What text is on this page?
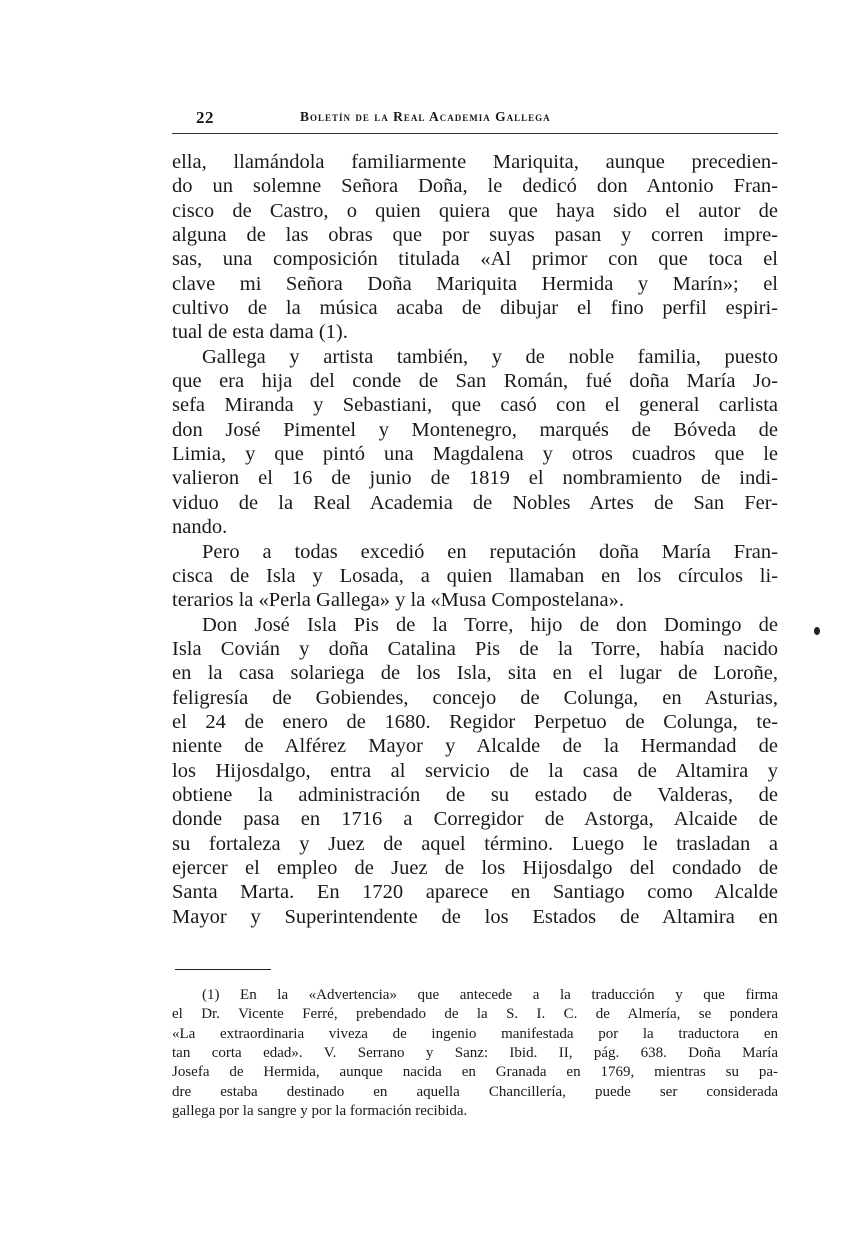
22	Boletín de la Real Academia Gallega
ella, llamándola familiarmente Mariquita, aunque precedien-
do un solemne Señora Doña, le dedicó don Antonio Fran-
cisco de Castro, o quien quiera que haya sido el autor de
alguna de las obras que por suyas pasan y corren impre-
sas, una composición titulada «Al primor con que toca el
clave mi Señora Doña Mariquita Hermida y Marín»; el
cultivo de la música acaba de dibujar el fino perfil espiri-
tual de esta dama (1).
Gallega y artista también, y de noble familia, puesto
que era hija del conde de San Román, fué doña María Jo-
sefa Miranda y Sebastiani, que casó con el general carlista
don José Pimentel y Montenegro, marqués de Bóveda de
Limia, y que pintó una Magdalena y otros cuadros que le
valieron el 16 de junio de 1819 el nombramiento de indi-
viduo de la Real Academia de Nobles Artes de San Fer-
nando.
Pero a todas excedió en reputación doña María Fran-
cisca de Isla y Losada, a quien llamaban en los círculos li-
terarios la «Perla Gallega» y la «Musa Compostelana».
Don José Isla Pis de la Torre, hijo de don Domingo de
Isla Covián y doña Catalina Pis de la Torre, había nacido
en la casa solariega de los Isla, sita en el lugar de Loroñe,
feligresía de Gobiendes, concejo de Colunga, en Asturias,
el 24 de enero de 1680. Regidor Perpetuo de Colunga, te-
niente de Alférez Mayor y Alcalde de la Hermandad de
los Hijosdalgo, entra al servicio de la casa de Altamira y
obtiene la administración de su estado de Valderas, de
donde pasa en 1716 a Corregidor de Astorga, Alcaide de
su fortaleza y Juez de aquel término. Luego le trasladan a
ejercer el empleo de Juez de los Hijosdalgo del condado de
Santa Marta. En 1720 aparece en Santiago como Alcalde
Mayor y Superintendente de los Estados de Altamira en
(1) En la «Advertencia» que antecede a la traducción y que firma
el Dr. Vicente Ferré, prebendado de la S. I. C. de Almería, se pondera
«La extraordinaria viveza de ingenio manifestada por la traductora en
tan corta edad». V. Serrano y Sanz: Ibid. II, pág. 638. Doña María
Josefa de Hermida, aunque nacida en Granada en 1769, mientras su pa-
dre estaba destinado en aquella Chancillería, puede ser considerada
gallega por la sangre y por la formación recibida.
